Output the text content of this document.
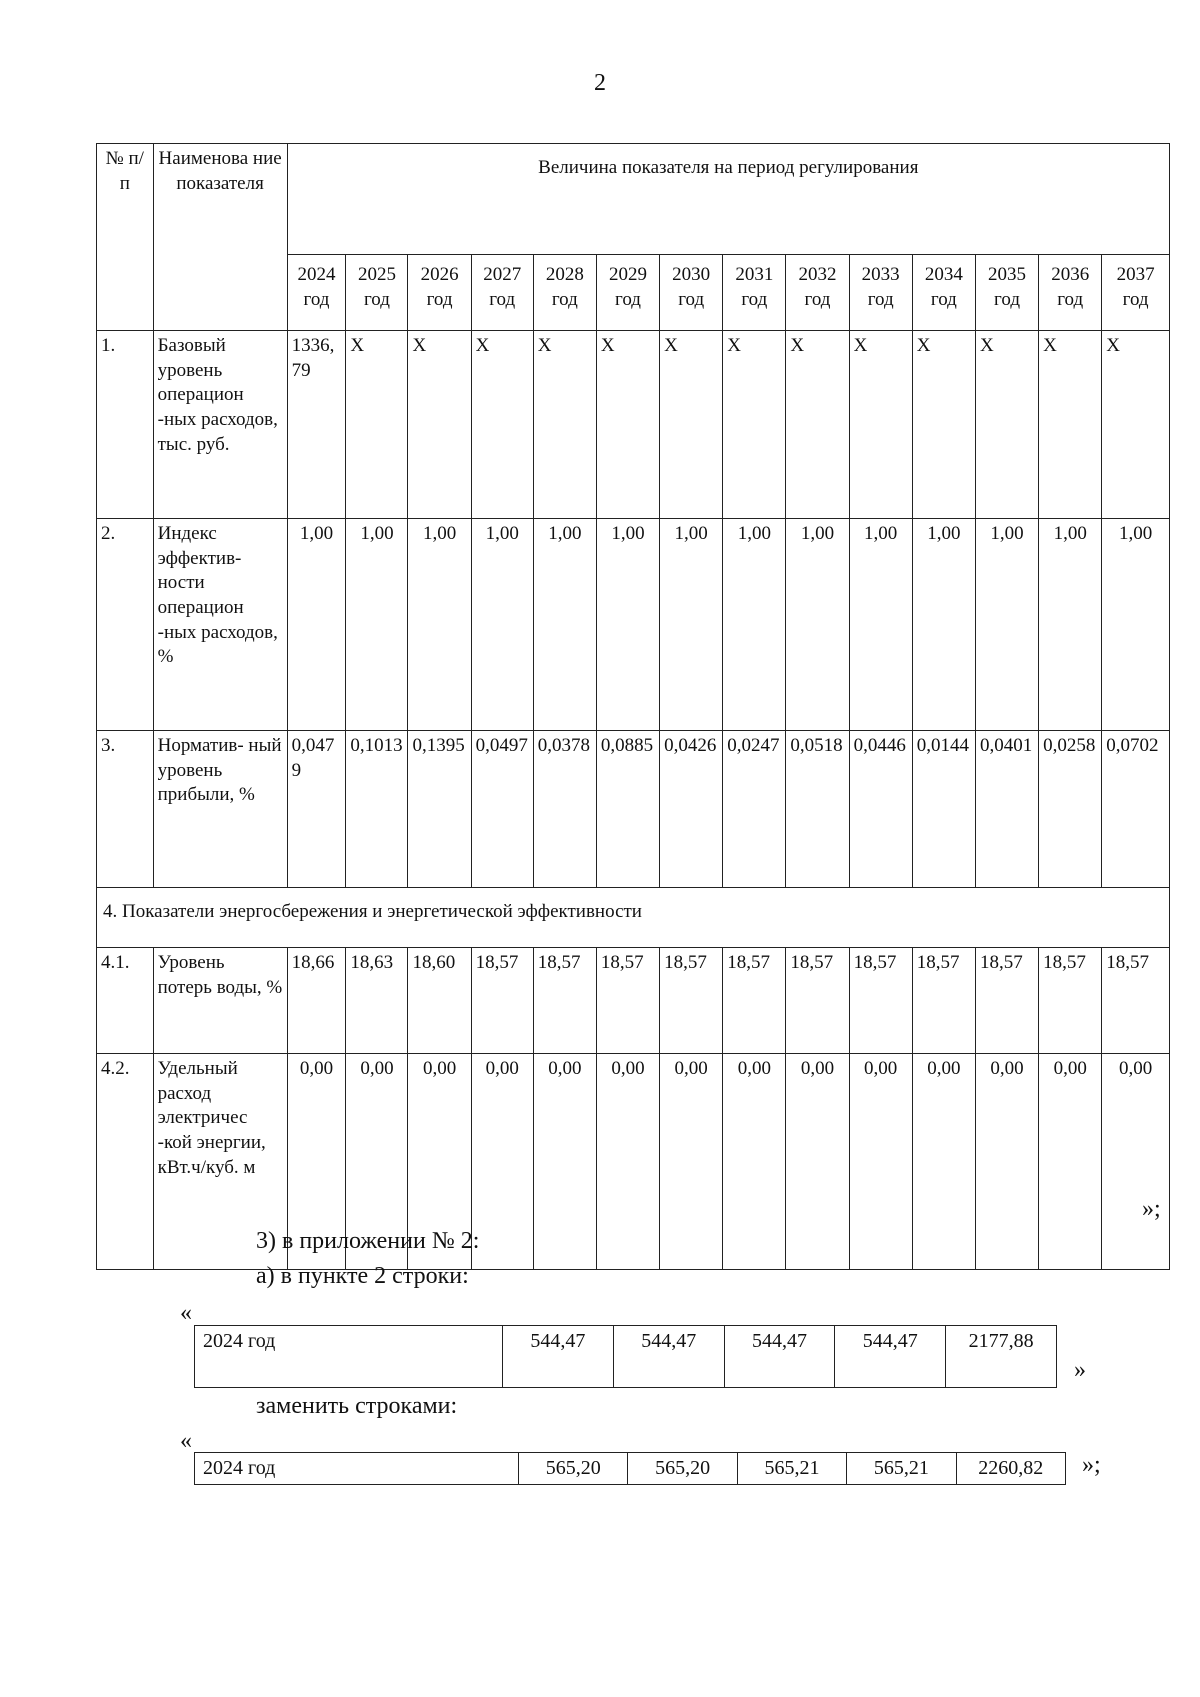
2
№ п/п	Наименова ние показателя	Величина показателя на период регулирования													
		2024 год	2025 год	2026 год	2027 год	2028 год	2029 год	2030 год	2031 год	2032 год	2033 год	2034 год	2035 год	2036 год	2037 год
1.	Базовый уровень операцион -ных расходов, тыс. руб.	1336,79	X	X	X	X	X	X	X	X	X	X	X	X	X
2.	Индекс эффектив- ности операцион -ных расходов, %	1,00	1,00	1,00	1,00	1,00	1,00	1,00	1,00	1,00	1,00	1,00	1,00	1,00	1,00
3.	Норматив- ный уровень прибыли, %	0,0479	0,1013	0,1395	0,0497	0,0378	0,0885	0,0426	0,0247	0,0518	0,0446	0,0144	0,0401	0,0258	0,0702
4. Показатели энергосбережения и энергетической эффективности															
4.1.	Уровень потерь воды, %	18,66	18,63	18,60	18,57	18,57	18,57	18,57	18,57	18,57	18,57	18,57	18,57	18,57	18,57
4.2.	Удельный расход электричес -кой энергии, кВт.ч/куб. м	0,00	0,00	0,00	0,00	0,00	0,00	0,00	0,00	0,00	0,00	0,00	0,00	0,00	0,00
»;
3) в приложении № 2:
а) в пункте 2 строки:
«
2024 год	544,47	544,47	544,47	544,47	2177,88
»
заменить строками:
«
2024 год	565,20	565,20	565,21	565,21	2260,82 »;
